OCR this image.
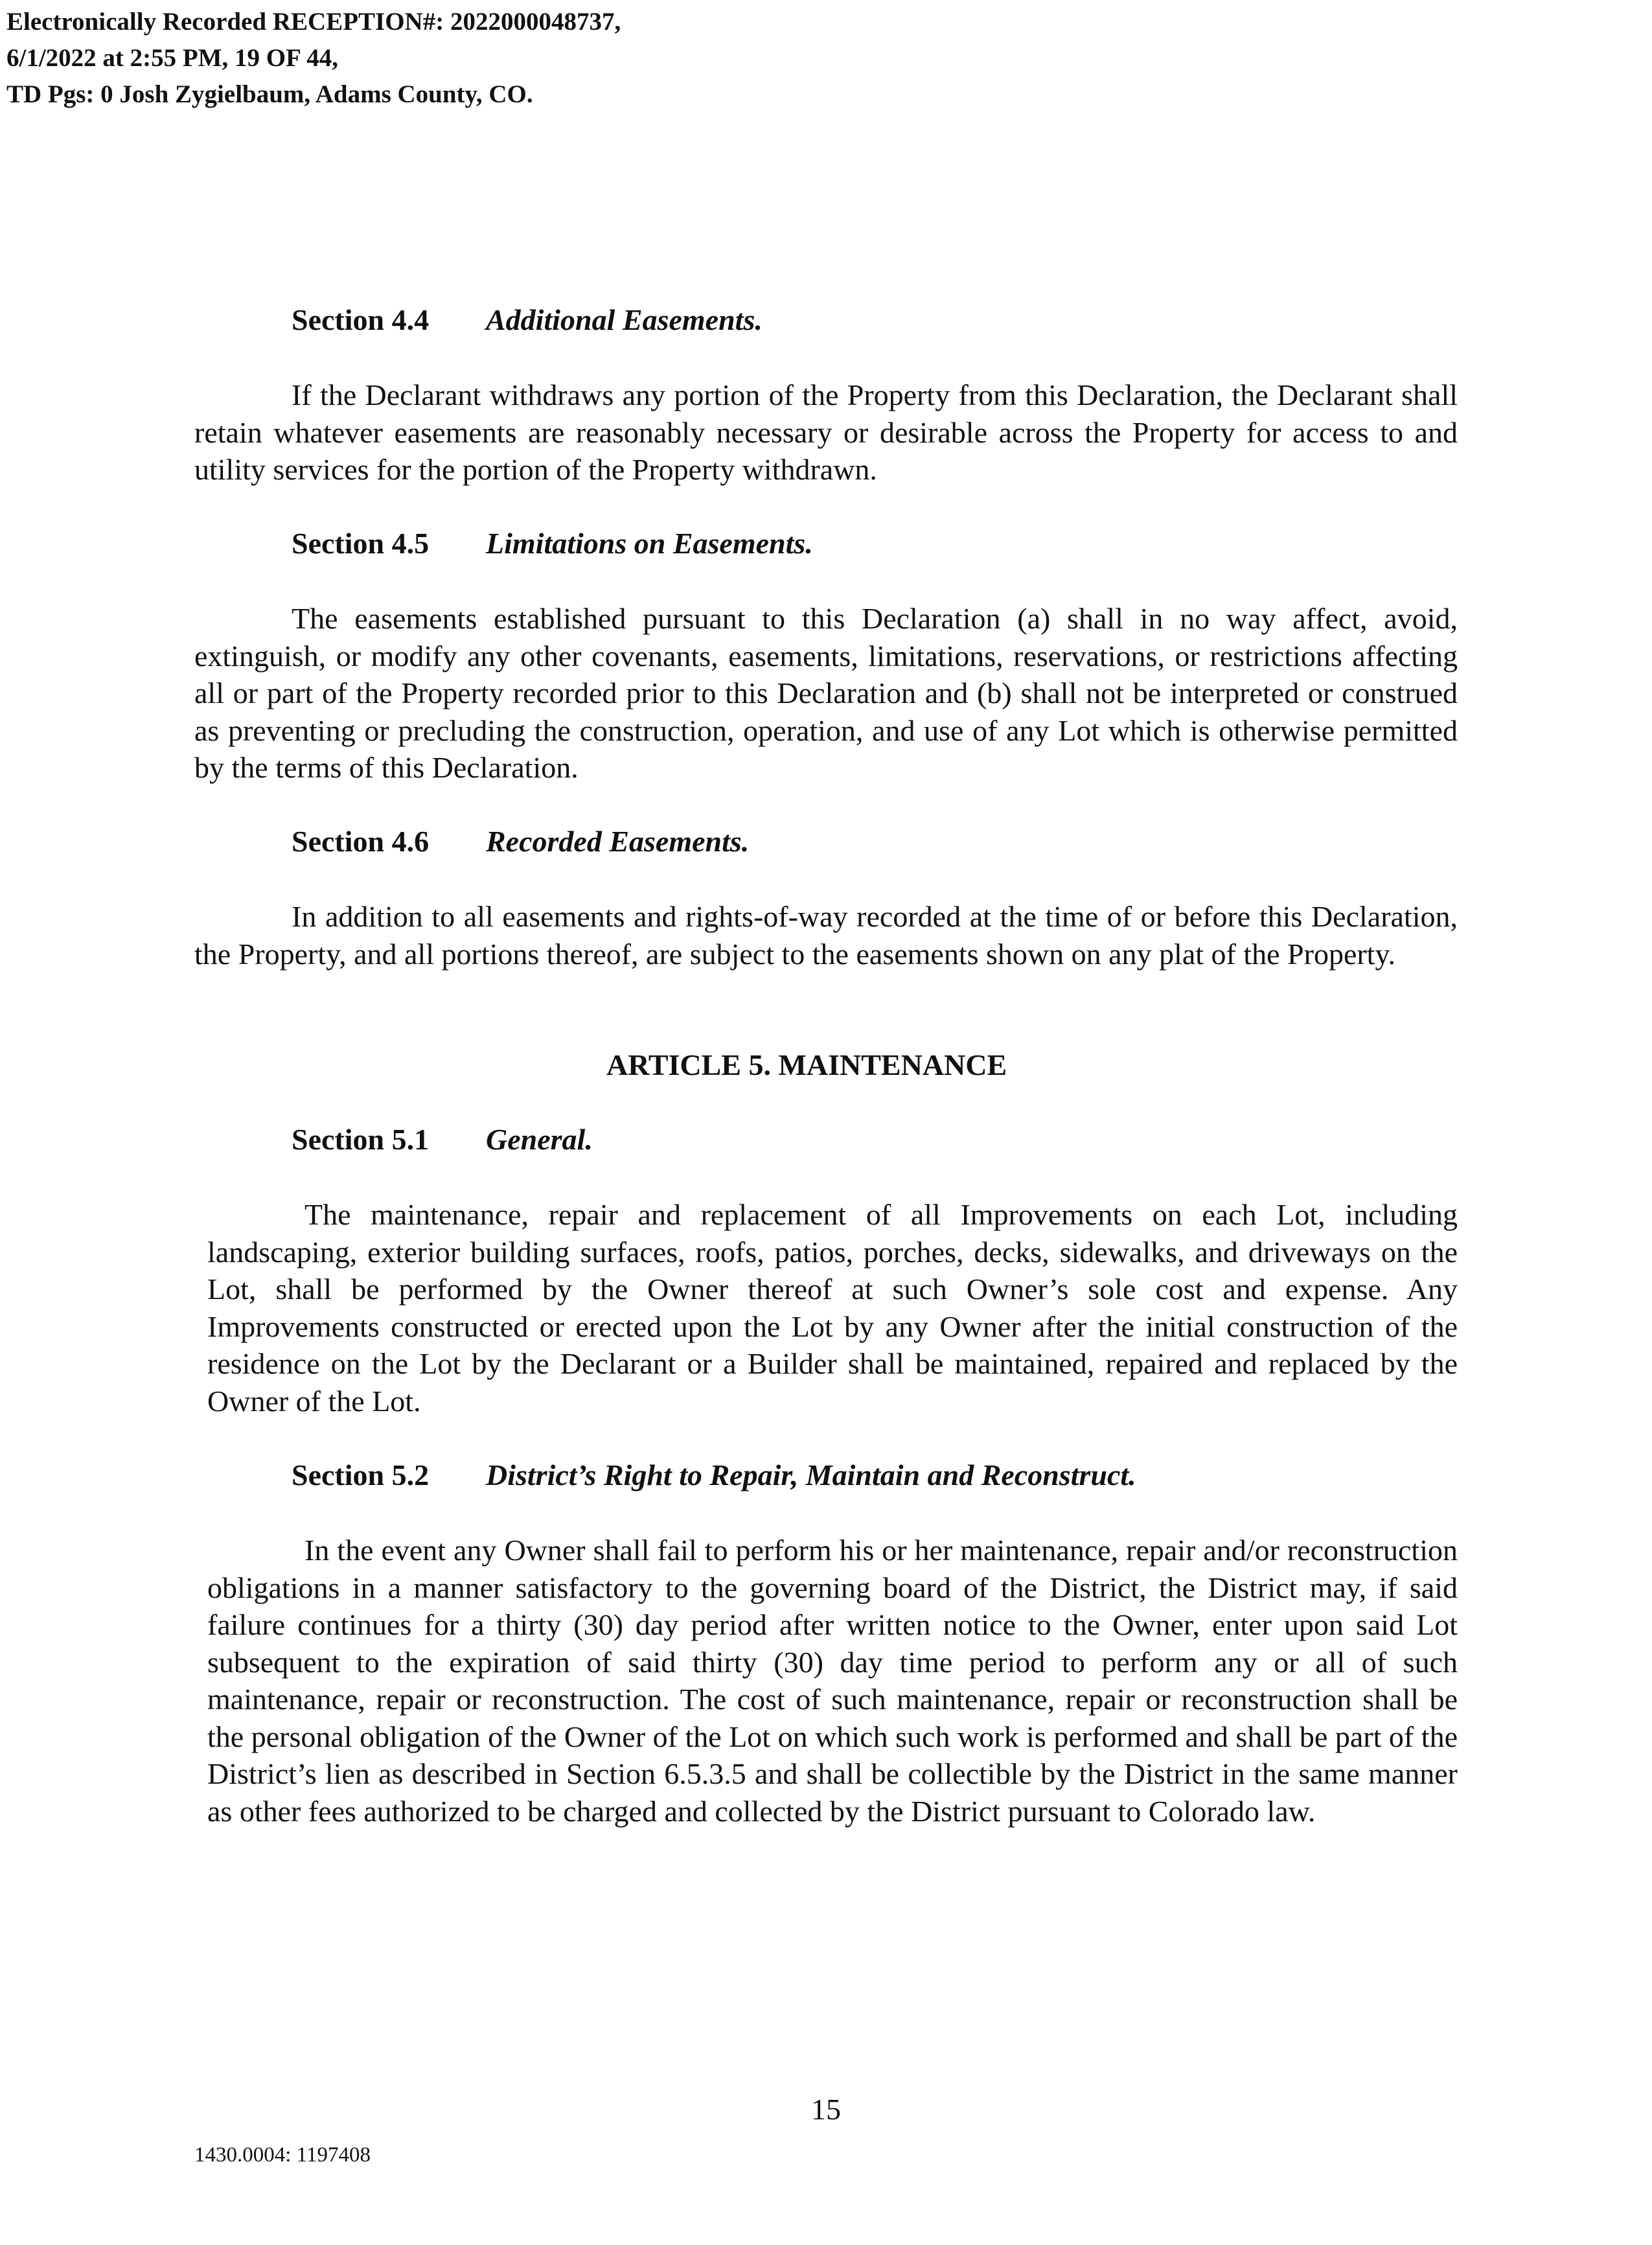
Electronically Recorded RECEPTION#: 2022000048737,
6/1/2022 at 2:55 PM, 19 OF 44,
TD Pgs: 0 Josh Zygielbaum, Adams County, CO.
Section 4.4 Additional Easements.

If the Declarant withdraws any portion of the Property from this Declaration, the Declarant shall retain whatever easements are reasonably necessary or desirable across the Property for access to and utility services for the portion of the Property withdrawn.

Section 4.5 Limitations on Easements.

The easements established pursuant to this Declaration (a) shall in no way affect, avoid, extinguish, or modify any other covenants, easements, limitations, reservations, or restrictions affecting all or part of the Property recorded prior to this Declaration and (b) shall not be interpreted or construed as preventing or precluding the construction, operation, and use of any Lot which is otherwise permitted by the terms of this Declaration.

Section 4.6 Recorded Easements.

In addition to all easements and rights-of-way recorded at the time of or before this Declaration, the Property, and all portions thereof, are subject to the easements shown on any plat of the Property.

ARTICLE 5. MAINTENANCE
Section 5.1 General.

The maintenance, repair and replacement of all Improvements on each Lot, including landscaping, exterior building surfaces, roofs, patios, porches, decks, sidewalks, and driveways on the Lot, shall be performed by the Owner thereof at such Owner’s sole cost and expense. Any Improvements constructed or erected upon the Lot by any Owner after the initial construction of the residence on the Lot by the Declarant or a Builder shall be maintained, repaired and replaced by the Owner of the Lot.

Section 5.2 District’s Right to Repair, Maintain and Reconstruct.

In the event any Owner shall fail to perform his or her maintenance, repair and/or reconstruction obligations in a manner satisfactory to the governing board of the District, the District may, if said failure continues for a thirty (30) day period after written notice to the Owner, enter upon said Lot subsequent to the expiration of said thirty (30) day time period to perform any or all of such maintenance, repair or reconstruction. The cost of such maintenance, repair or reconstruction shall be the personal obligation of the Owner of the Lot on which such work is performed and shall be part of the District’s lien as described in Section 6.5.3.5 and shall be collectible by the District in the same manner as other fees authorized to be charged and collected by the District pursuant to Colorado law.

15
1430.0004: 1197408
